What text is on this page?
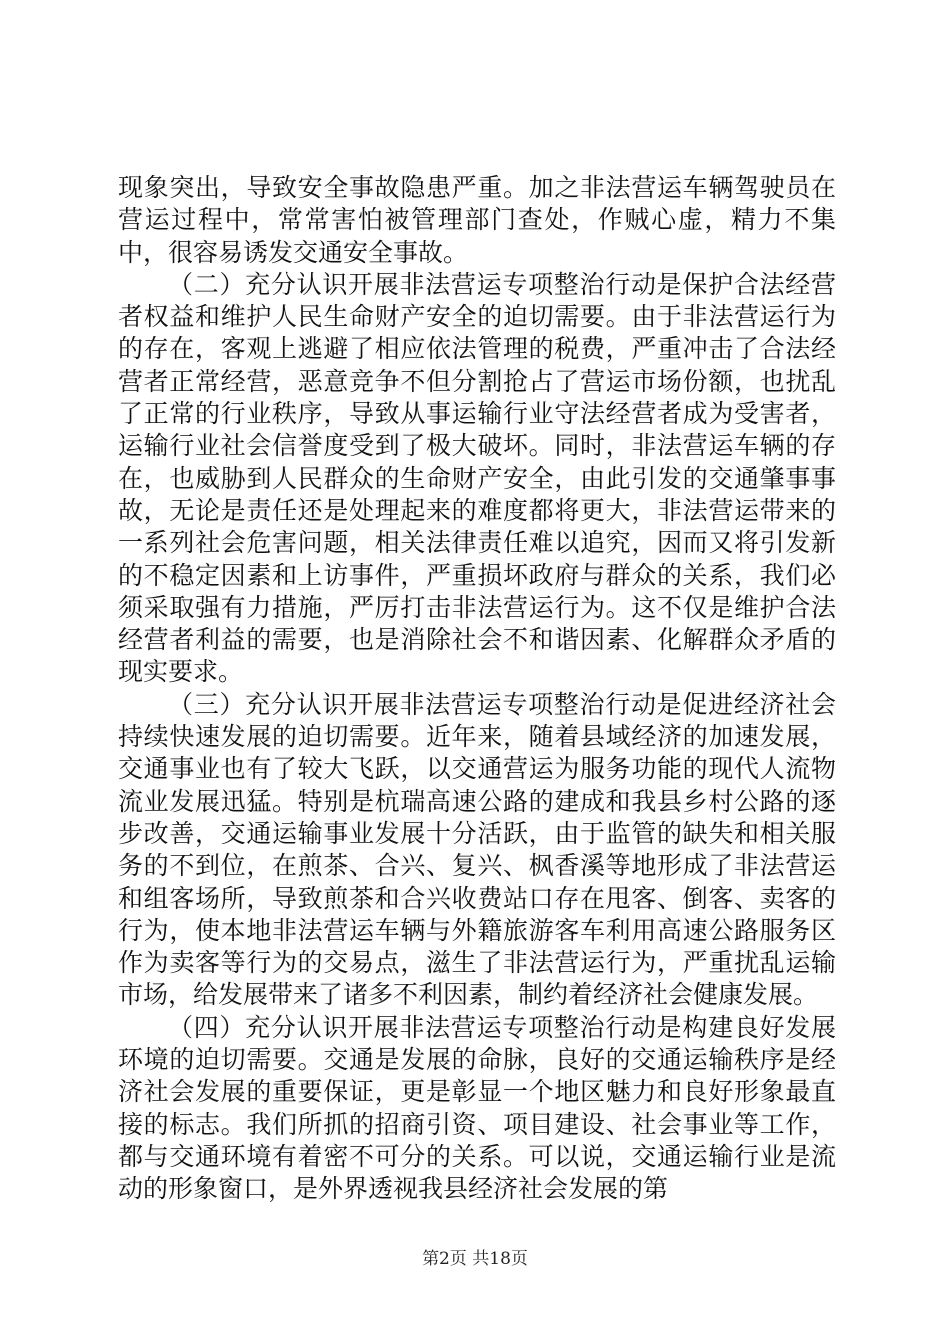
现象突出，导致安全事故隐患严重。加之非法营运车辆驾驶员在营运过程中，常常害怕被管理部门查处，作贼心虚，精力不集中，很容易诱发交通安全事故。

（二）充分认识开展非法营运专项整治行动是保护合法经营者权益和维护人民生命财产安全的迫切需要。由于非法营运行为的存在，客观上逃避了相应依法管理的税费，严重冲击了合法经营者正常经营，恶意竞争不但分割抢占了营运市场份额，也扰乱了正常的行业秩序，导致从事运输行业守法经营者成为受害者，运输行业社会信誉度受到了极大破坏。同时，非法营运车辆的存在，也威胁到人民群众的生命财产安全，由此引发的交通肇事事故，无论是责任还是处理起来的难度都将更大，非法营运带来的一系列社会危害问题，相关法律责任难以追究，因而又将引发新的不稳定因素和上访事件，严重损坏政府与群众的关系，我们必须采取强有力措施，严厉打击非法营运行为。这不仅是维护合法经营者利益的需要，也是消除社会不和谐因素、化解群众矛盾的现实要求。

（三）充分认识开展非法营运专项整治行动是促进经济社会持续快速发展的迫切需要。近年来，随着县域经济的加速发展，交通事业也有了较大飞跃，以交通营运为服务功能的现代人流物流业发展迅猛。特别是杭瑞高速公路的建成和我县乡村公路的逐步改善，交通运输事业发展十分活跃，由于监管的缺失和相关服务的不到位，在煎茶、合兴、复兴、枫香溪等地形成了非法营运和组客场所，导致煎茶和合兴收费站口存在甩客、倒客、卖客的行为，使本地非法营运车辆与外籍旅游客车利用高速公路服务区作为卖客等行为的交易点，滋生了非法营运行为，严重扰乱运输市场，给发展带来了诸多不利因素，制约着经济社会健康发展。

（四）充分认识开展非法营运专项整治行动是构建良好发展环境的迫切需要。交通是发展的命脉，良好的交通运输秩序是经济社会发展的重要保证，更是彰显一个地区魅力和良好形象最直接的标志。我们所抓的招商引资、项目建设、社会事业等工作，都与交通环境有着密不可分的关系。可以说，交通运输行业是流动的形象窗口，是外界透视我县经济社会发展的第

第2页 共18页
